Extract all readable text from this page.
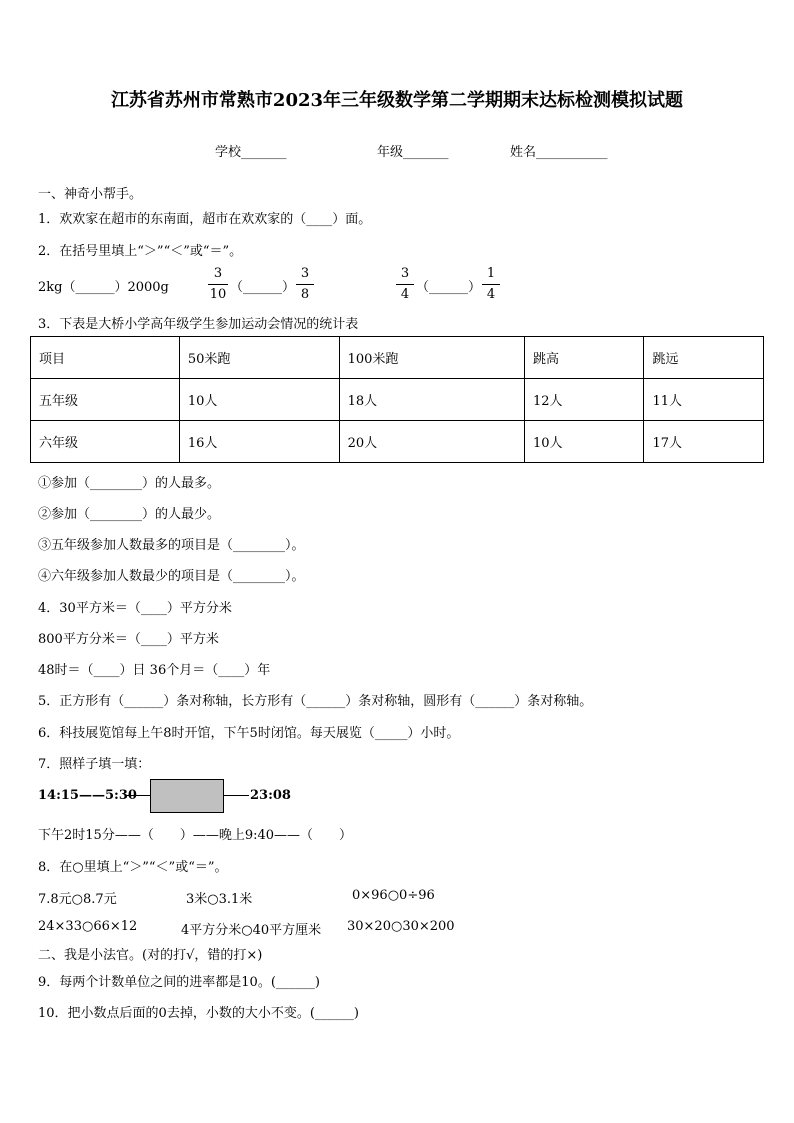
江苏省苏州市常熟市2023年三年级数学第二学期期末达标检测模拟试题
学校_______	年级_______	姓名___________
一、神奇小帮手。
1．欢欢家在超市的东南面，超市在欢欢家的（____）面。
2．在括号里填上“＞”“＜”或“＝”。
2kg（______）2000g
3
10 （______）
3
8
3
4 （______）
1
4
3．下表是大桥小学高年级学生参加运动会情况的统计表
项目	50米跑	100米跑	跳高	跳远
五年级	10人	18人	12人	11人
六年级	16人	20人	10人	17人
①参加（________）的人最多。
②参加（________）的人最少。
③五年级参加人数最多的项目是（________）。
④六年级参加人数最少的项目是（________）。
4．30平方米＝（____）平方分米
800平方分米＝（____）平方米
48时＝（____）日 36个月＝（____）年
5．正方形有（______）条对称轴，长方形有（______）条对称轴，圆形有（______）条对称轴。
6．科技展览馆每上午8时开馆，下午5时闭馆。每天展览（_____）小时。
7．照样子填一填：
14:15——5:30	23:08
下午2时15分——（　　）——晚上9:40——（　　）
8．在○里填上“＞”“＜”或“＝”。
7.8元○8.7元	3米○3.1米	0×96○0÷96
24×33○66×12	4平方分米○40平方厘米 30×20○30×200
二、我是小法官。(对的打√，错的打×)
9．每两个计数单位之间的进率都是10。(______)
10．把小数点后面的0去掉，小数的大小不变。(______)
